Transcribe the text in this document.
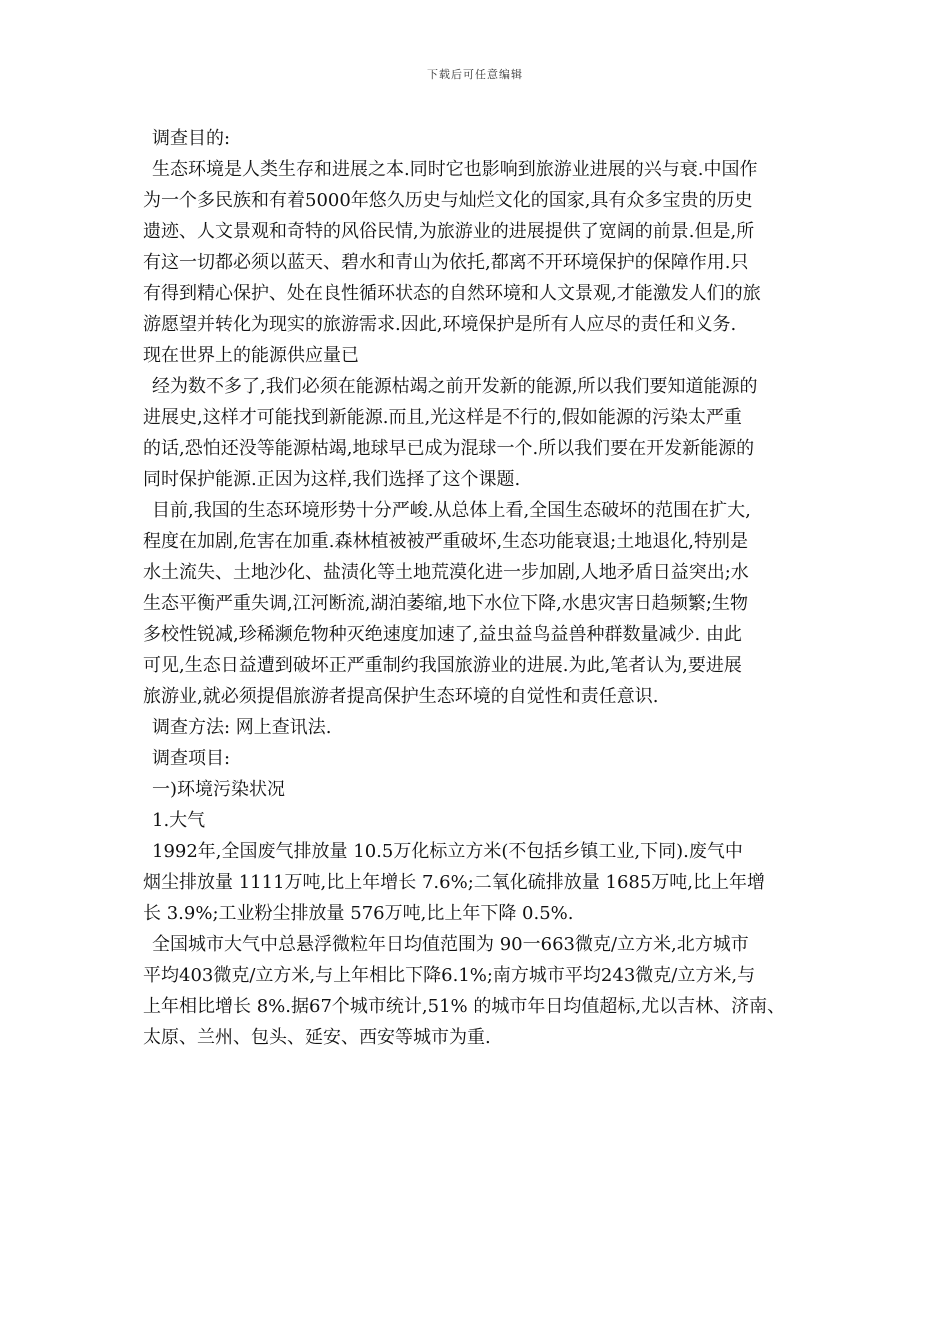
下载后可任意编辑
调查目的:
生态环境是人类生存和进展之本.同时它也影响到旅游业进展的兴与衰.中国作
为一个多民族和有着5000年悠久历史与灿烂文化的国家,具有众多宝贵的历史
遗迹、人文景观和奇特的风俗民情,为旅游业的进展提供了宽阔的前景.但是,所
有这一切都必须以蓝天、碧水和青山为依托,都离不开环境保护的保障作用.只
有得到精心保护、处在良性循环状态的自然环境和人文景观,才能激发人们的旅
游愿望并转化为现实的旅游需求.因此,环境保护是所有人应尽的责任和义务.
现在世界上的能源供应量已
经为数不多了,我们必须在能源枯竭之前开发新的能源,所以我们要知道能源的
进展史,这样才可能找到新能源.而且,光这样是不行的,假如能源的污染太严重
的话,恐怕还没等能源枯竭,地球早已成为混球一个.所以我们要在开发新能源的
同时保护能源.正因为这样,我们选择了这个课题.
目前,我国的生态环境形势十分严峻.从总体上看,全国生态破坏的范围在扩大,
程度在加剧,危害在加重.森林植被被严重破坏,生态功能衰退;土地退化,特别是
水土流失、土地沙化、盐渍化等土地荒漠化进一步加剧,人地矛盾日益突出;水
生态平衡严重失调,江河断流,湖泊萎缩,地下水位下降,水患灾害日趋频繁;生物
多校性锐减,珍稀濒危物种灭绝速度加速了,益虫益鸟益兽种群数量减少. 由此
可见,生态日益遭到破坏正严重制约我国旅游业的进展.为此,笔者认为,要进展
旅游业,就必须提倡旅游者提高保护生态环境的自觉性和责任意识.
调查方法: 网上查讯法.
调查项目:
一)环境污染状况
1.大气
1992年,全国废气排放量 10.5万化标立方米(不包括乡镇工业,下同).废气中
烟尘排放量 1111万吨,比上年增长 7.6%;二氧化硫排放量 1685万吨,比上年增
长 3.9%;工业粉尘排放量 576万吨,比上年下降 0.5%.
全国城市大气中总悬浮微粒年日均值范围为 90一663微克/立方米,北方城市
平均403微克/立方米,与上年相比下降6.1%;南方城市平均243微克/立方米,与
上年相比增长 8%.据67个城市统计,51% 的城市年日均值超标,尤以吉林、济南、
太原、兰州、包头、延安、西安等城市为重.
